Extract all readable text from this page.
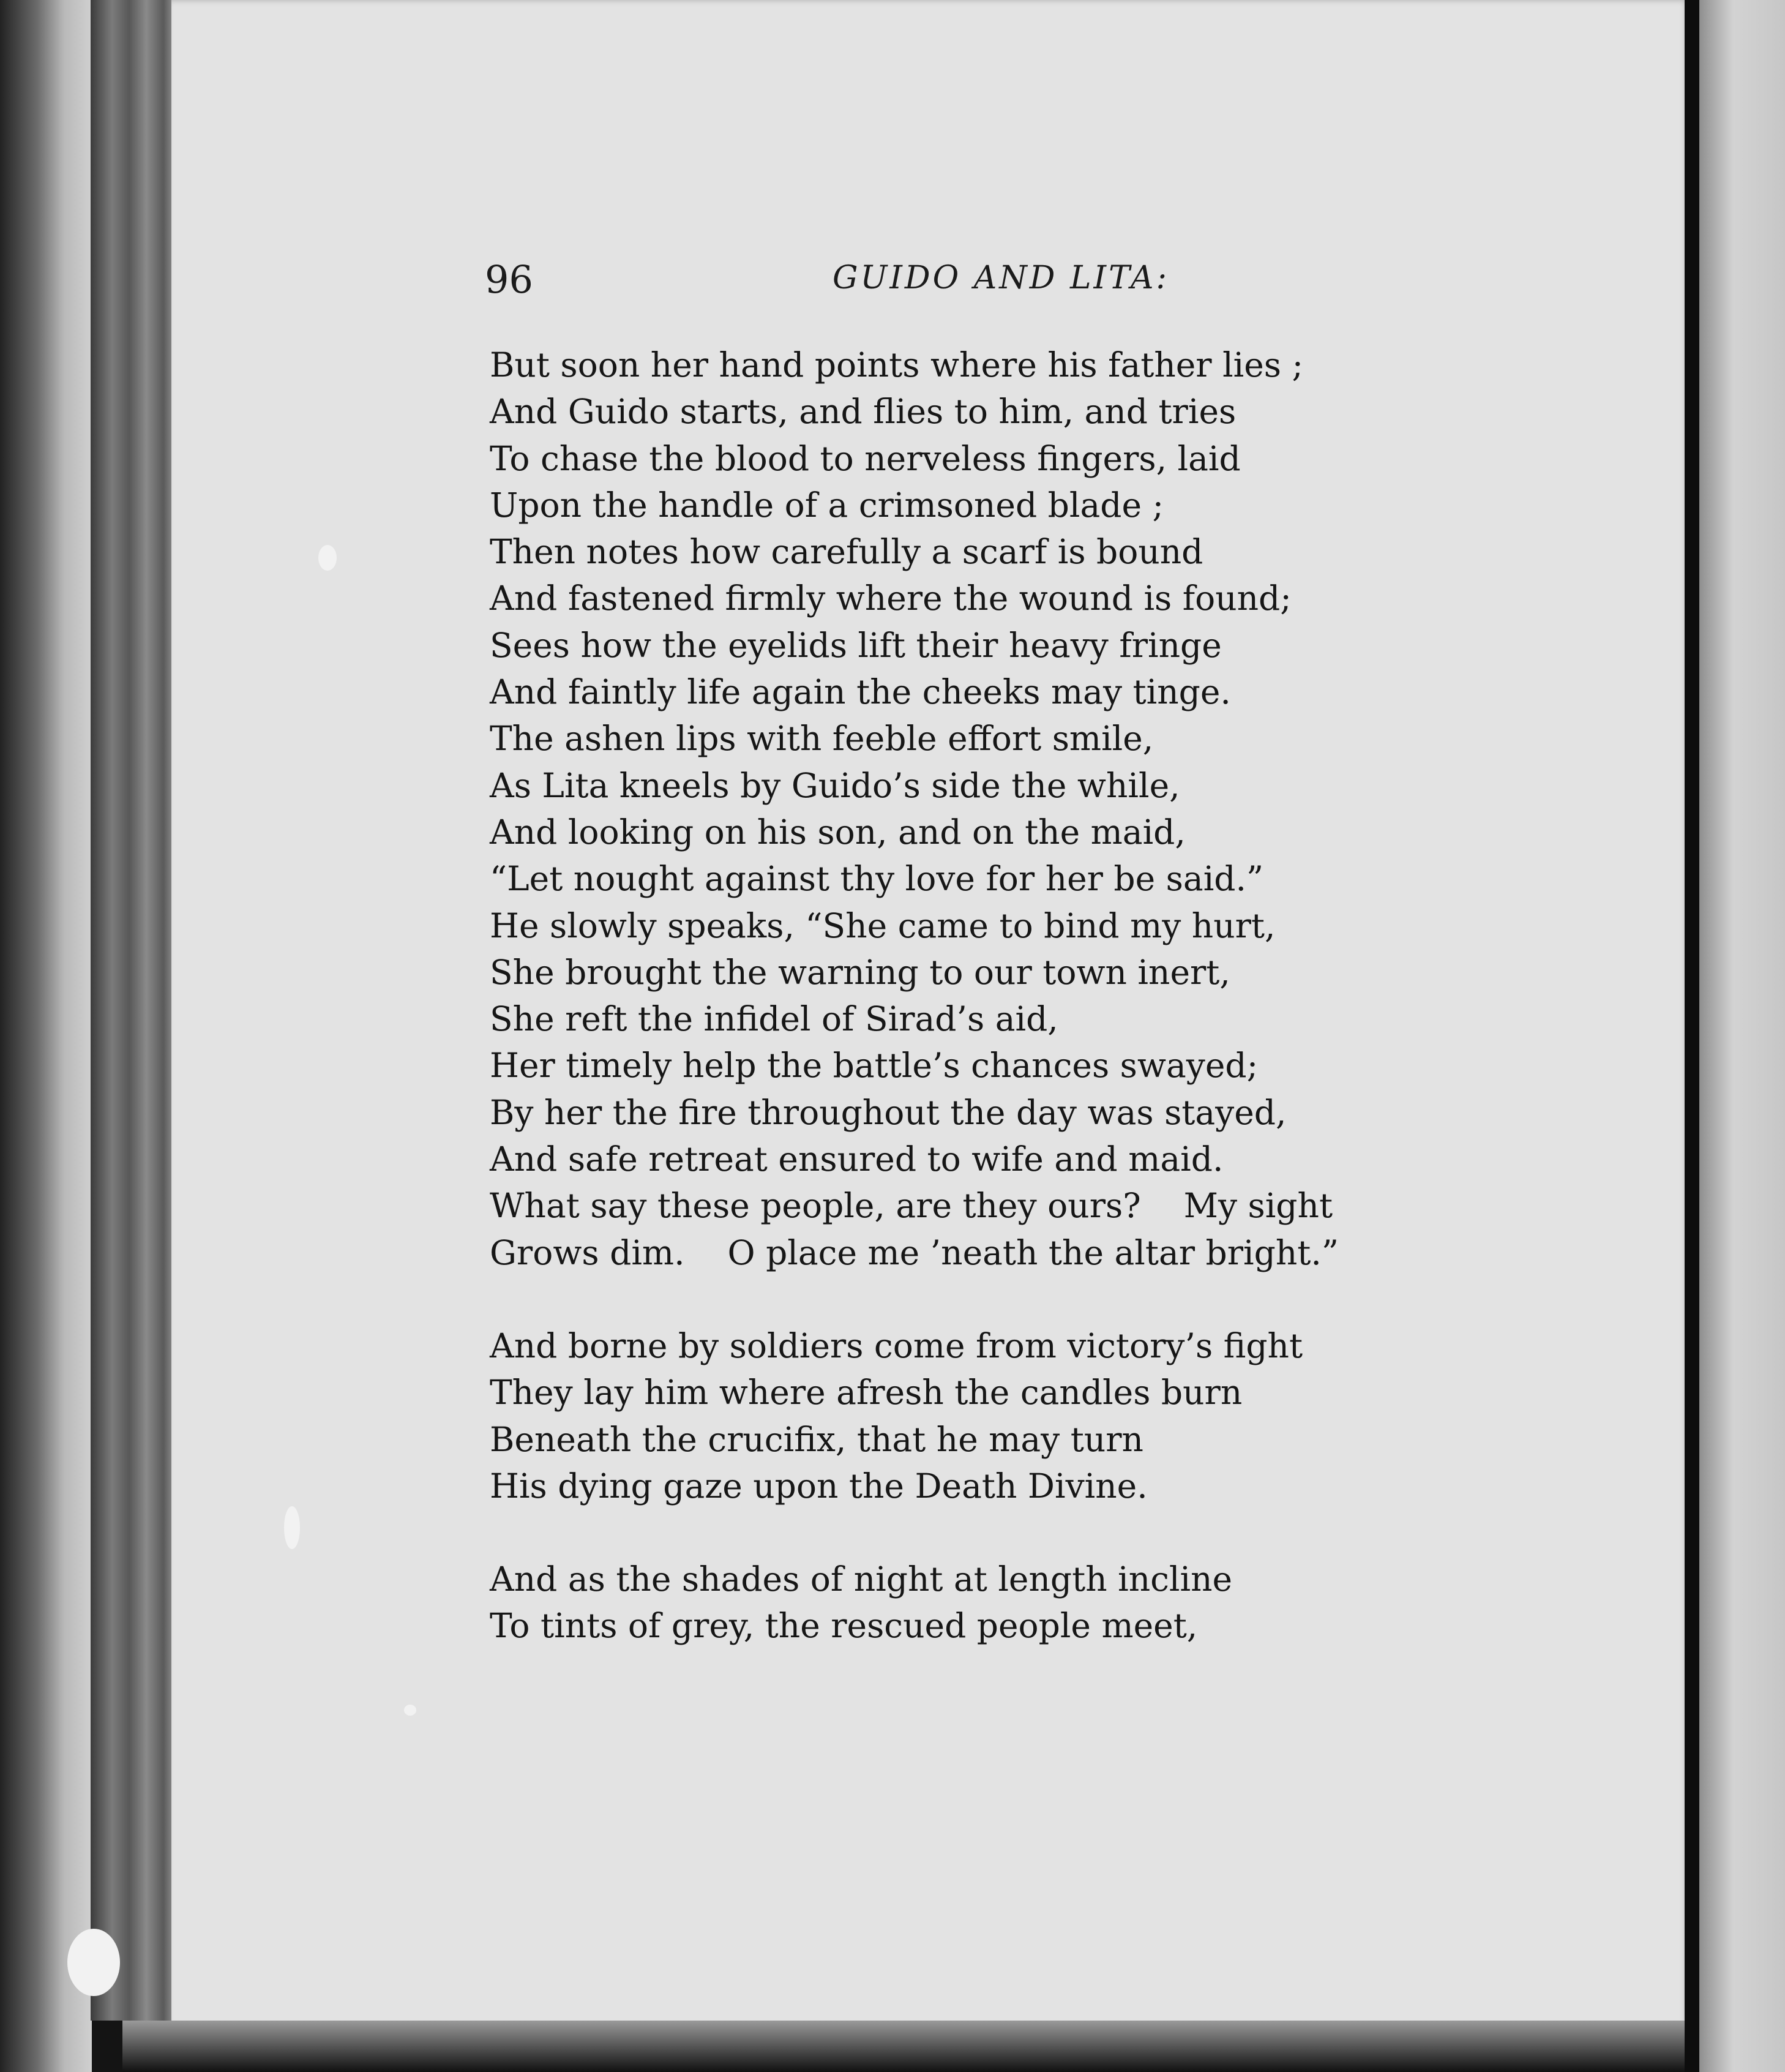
96	GUIDO AND LITA:
But soon her hand points where his father lies ;
And Guido starts, and flies to him, and tries
To chase the blood to nerveless fingers, laid
Upon the handle of a crimsoned blade ;
Then notes how carefully a scarf is bound
And fastened firmly where the wound is found;
Sees how the eyelids lift their heavy fringe
And faintly life again the cheeks may tinge.
The ashen lips with feeble effort smile,
As Lita kneels by Guido’s side the while,
And looking on his son, and on the maid,
“Let nought against thy love for her be said.”
He slowly speaks, “She came to bind my hurt,
She brought the warning to our town inert,
She reft the infidel of Sirad’s aid,
Her timely help the battle’s chances swayed;
By her the fire throughout the day was stayed,
And safe retreat ensured to wife and maid.
What say these people, are they ours?    My sight
Grows dim.    O place me ’neath the altar bright.”
And borne by soldiers come from victory’s fight
They lay him where afresh the candles burn
Beneath the crucifix, that he may turn
His dying gaze upon the Death Divine.
And as the shades of night at length incline
To tints of grey, the rescued people meet,
